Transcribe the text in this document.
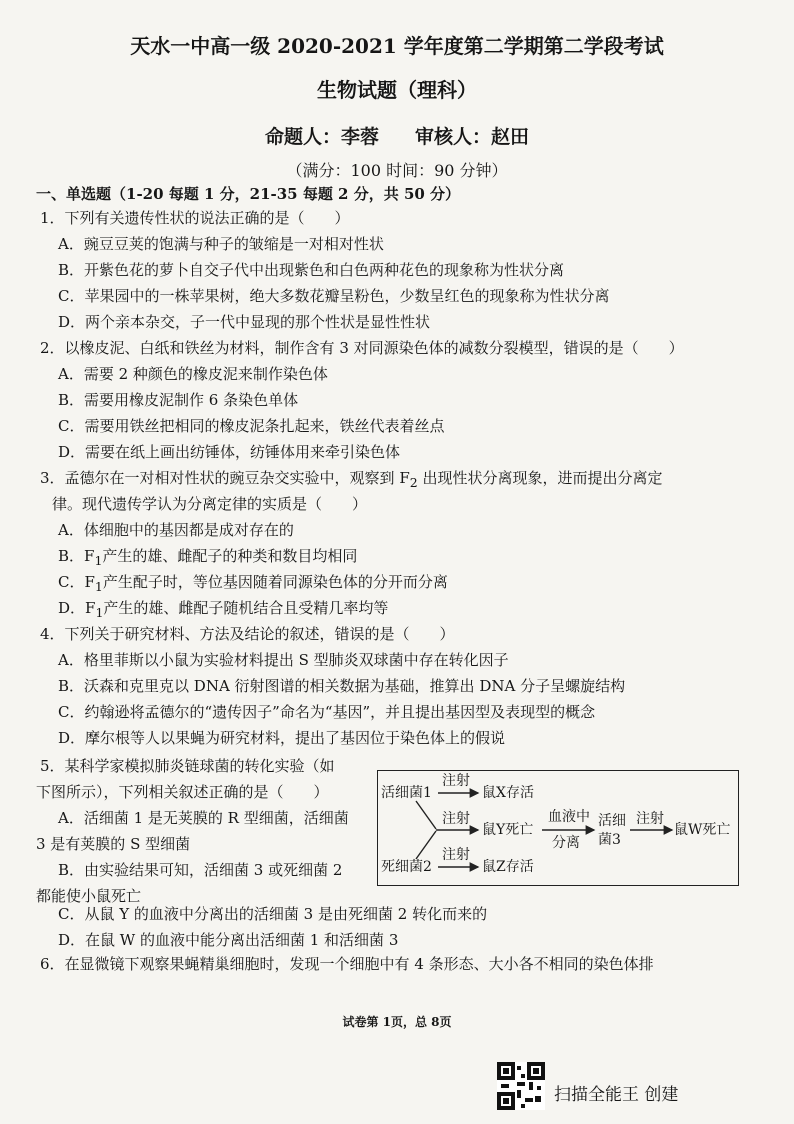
天水一中高一级 2020-2021 学年度第二学期第二学段考试
生物试题（理科）
命题人：李蓉 审核人：赵田
（满分：100 时间：90 分钟）
一、单选题（1-20 每题 1 分，21-35 每题 2 分，共 50 分）
1．下列有关遗传性状的说法正确的是（　　）
A．豌豆豆荚的饱满与种子的皱缩是一对相对性状
B．开紫色花的萝卜自交子代中出现紫色和白色两种花色的现象称为性状分离
C．苹果园中的一株苹果树，绝大多数花瓣呈粉色，少数呈红色的现象称为性状分离
D．两个亲本杂交，子一代中显现的那个性状是显性性状
2．以橡皮泥、白纸和铁丝为材料，制作含有 3 对同源染色体的减数分裂模型，错误的是（　　）
A．需要 2 种颜色的橡皮泥来制作染色体
B．需要用橡皮泥制作 6 条染色单体
C．需要用铁丝把相同的橡皮泥条扎起来，铁丝代表着丝点
D．需要在纸上画出纺锤体，纺锤体用来牵引染色体
3．孟德尔在一对相对性状的豌豆杂交实验中，观察到 $F_2$ 出现性状分离现象，进而提出分离定
律。现代遗传学认为分离定律的实质是（　　）
A．体细胞中的基因都是成对存在的
B．$F_1$产生的雄、雌配子的种类和数目均相同
C．$F_1$产生配子时，等位基因随着同源染色体的分开而分离
D．$F_1$产生的雄、雌配子随机结合且受精几率均等
4．下列关于研究材料、方法及结论的叙述，错误的是（　　）
A．格里菲斯以小鼠为实验材料提出 S 型肺炎双球菌中存在转化因子
B．沃森和克里克以 DNA 衍射图谱的相关数据为基础，推算出 DNA 分子呈螺旋结构
C．约翰逊将孟德尔的“遗传因子”命名为“基因”，并且提出基因型及表现型的概念
D．摩尔根等人以果蝇为研究材料，提出了基因位于染色体上的假说
5．某科学家模拟肺炎链球菌的转化实验（如
下图所示），下列相关叙述正确的是（　　）
A．活细菌 1 是无荚膜的 R 型细菌，活细菌
3 是有荚膜的 S 型细菌
B．由实验结果可知，活细菌 3 或死细菌 2
都能使小鼠死亡
C．从鼠 Y 的血液中分离出的活细菌 3 是由死细菌 2 转化而来的
D．在鼠 W 的血液中能分离出活细菌 1 和活细菌 3
6．在显微镜下观察果蝇精巢细胞时，发现一个细胞中有 4 条形态、大小各不相同的染色体排
活细菌1
注射
鼠X存活
注射
鼠Y死亡
血液中
分离
活细
菌3
注射
鼠W死亡
死细菌2
注射
鼠Z存活
试卷第 1页，总 8页
扫描全能王 创建
